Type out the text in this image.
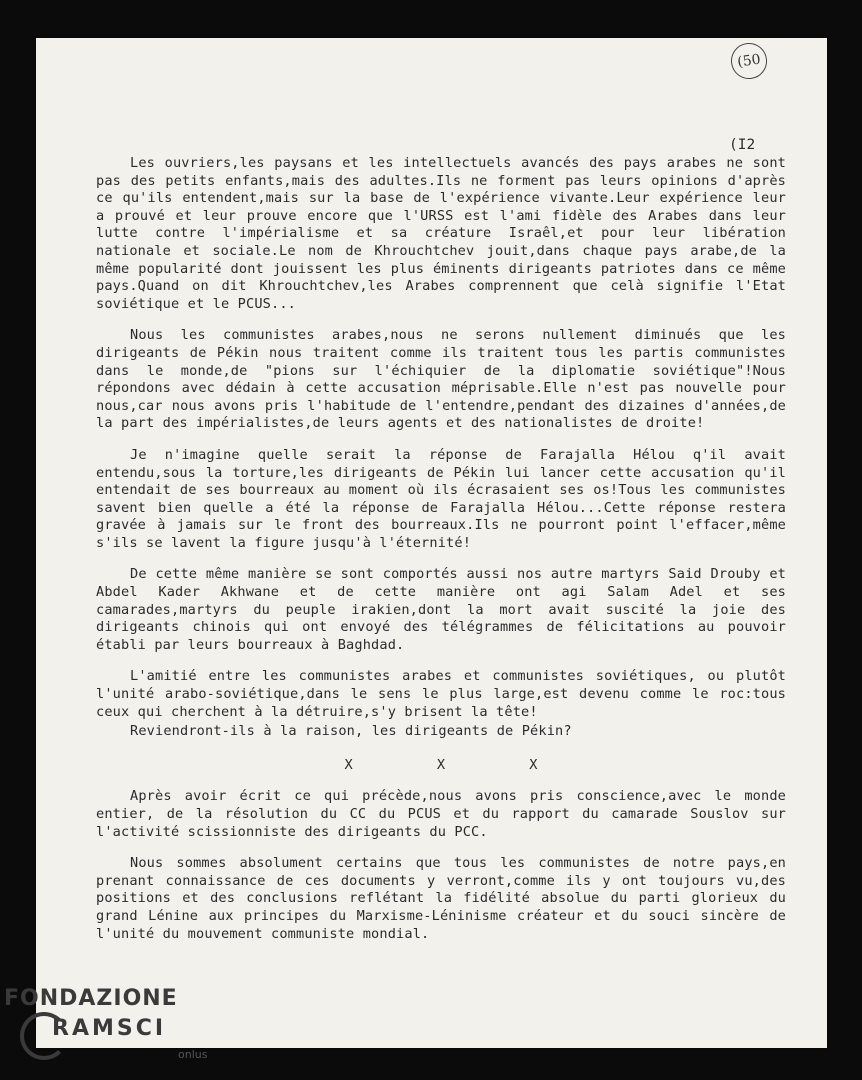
(50
(I2

Les ouvriers,les paysans et les intellectuels avancés des pays arabes ne sont pas des petits enfants,mais des adultes.Ils ne forment pas leurs opinions d'après ce qu'ils entendent,mais sur la base de l'expérience vivante.Leur expérience leur a prouvé et leur prouve encore que l'URSS est l'ami fidèle des Arabes dans leur lutte contre l'impérialisme et sa créature Israêl,et pour leur libération nationale et sociale.Le nom de Khrouchtchev jouit,dans chaque pays arabe,de la même popularité dont jouissent les plus éminents dirigeants patriotes dans ce même pays.Quand on dit Khrouchtchev,les Arabes comprennent que celà signifie l'Etat soviétique et le PCUS...

Nous les communistes arabes,nous ne serons nullement diminués que les dirigeants de Pékin nous traitent comme ils traitent tous les partis communistes dans le monde,de "pions sur l'échiquier de la diplomatie soviétique"!Nous répondons avec dédain à cette accusation méprisable.Elle n'est pas nouvelle pour nous,car nous avons pris l'habitude de l'entendre,pendant des dizaines d'années,de la part des impérialistes,de leurs agents et des nationalistes de droite!

Je n'imagine quelle serait la réponse de Farajalla Hélou q'il avait entendu,sous la torture,les dirigeants de Pékin lui lancer cette accusation qu'il entendait de ses bourreaux au moment où ils écrasaient ses os!Tous les communistes savent bien quelle a été la réponse de Farajalla Hélou...Cette réponse restera gravée à jamais sur le front des bourreaux.Ils ne pourront point l'effacer,même s'ils se lavent la figure jusqu'à l'éternité!

De cette même manière se sont comportés aussi nos autre martyrs Said Drouby et Abdel Kader Akhwane et de cette manière ont agi Salam Adel et ses camarades,martyrs du peuple irakien,dont la mort avait suscité la joie des dirigeants chinois qui ont envoyé des télégrammes de félicitations au pouvoir établi par leurs bourreaux à Baghdad.

L'amitié entre les communistes arabes et communistes soviétiques, ou plutôt l'unité arabo-soviétique,dans le sens le plus large,est devenu comme le roc:tous ceux qui cherchent à la détruire,s'y brisent la tête!

Reviendront-ils à la raison, les dirigeants de Pékin?

X X X

Après avoir écrit ce qui précède,nous avons pris conscience,avec le monde entier, de la résolution du CC du PCUS et du rapport du camarade Souslov sur l'activité scissionniste des dirigeants du PCC.

Nous sommes absolument certains que tous les communistes de notre pays,en prenant connaissance de ces documents y verront,comme ils y ont toujours vu,des positions et des conclusions reflétant la fidélité absolue du parti glorieux du grand Lénine aux principes du Marxisme-Léninisme créateur et du souci sincère de l'unité du mouvement communiste mondial.

FONDAZIONE
RAMSCI
onlus
